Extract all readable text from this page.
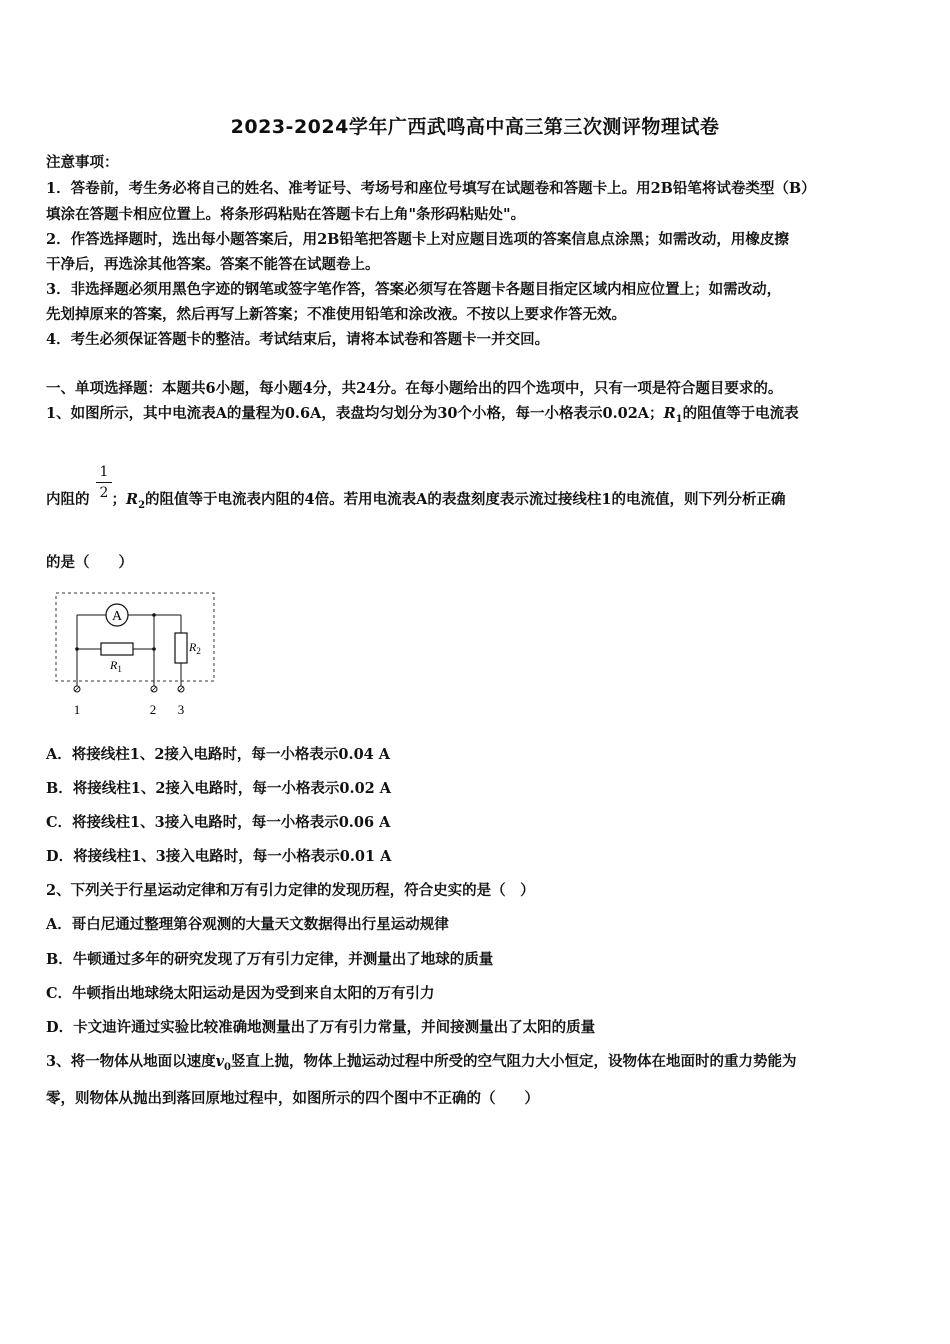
2023-2024学年广西武鸣高中高三第三次测评物理试卷
注意事项：
1．答卷前，考生务必将自己的姓名、准考证号、考场号和座位号填写在试题卷和答题卡上。用2B铅笔将试卷类型（B）
填涂在答题卡相应位置上。将条形码粘贴在答题卡右上角"条形码粘贴处"。
2．作答选择题时，选出每小题答案后，用2B铅笔把答题卡上对应题目选项的答案信息点涂黑；如需改动，用橡皮擦
干净后，再选涂其他答案。答案不能答在试题卷上。
3．非选择题必须用黑色字迹的钢笔或签字笔作答，答案必须写在答题卡各题目指定区域内相应位置上；如需改动，
先划掉原来的答案，然后再写上新答案；不准使用铅笔和涂改液。不按以上要求作答无效。
4．考生必须保证答题卡的整洁。考试结束后，请将本试卷和答题卡一并交回。
一、单项选择题：本题共6小题，每小题4分，共24分。在每小题给出的四个选项中，只有一项是符合题目要求的。
1、如图所示，其中电流表A的量程为0.6A，表盘均匀划分为30个小格，每一小格表示0.02A；$R_1$的阻值等于电流表
$\frac{1}{2}$
内阻的 ；$R_2$的阻值等于电流表内阻的4倍。若用电流表A的表盘刻度表示流过接线柱1的电流值，则下列分析正确
的是（　　）
A
$R_1$
$R_2$
1	2 3
A．将接线柱1、2接入电路时，每一小格表示0.04 A
B．将接线柱1、2接入电路时，每一小格表示0.02 A
C．将接线柱1、3接入电路时，每一小格表示0.06 A
D．将接线柱1、3接入电路时，每一小格表示0.01 A
2、下列关于行星运动定律和万有引力定律的发现历程，符合史实的是（　）
A．哥白尼通过整理第谷观测的大量天文数据得出行星运动规律
B．牛顿通过多年的研究发现了万有引力定律，并测量出了地球的质量
C．牛顿指出地球绕太阳运动是因为受到来自太阳的万有引力
D．卡文迪许通过实验比较准确地测量出了万有引力常量，并间接测量出了太阳的质量
3、将一物体从地面以速度$v_0$竖直上抛，物体上抛运动过程中所受的空气阻力大小恒定，设物体在地面时的重力势能为
零，则物体从抛出到落回原地过程中，如图所示的四个图中不正确的（　　）
